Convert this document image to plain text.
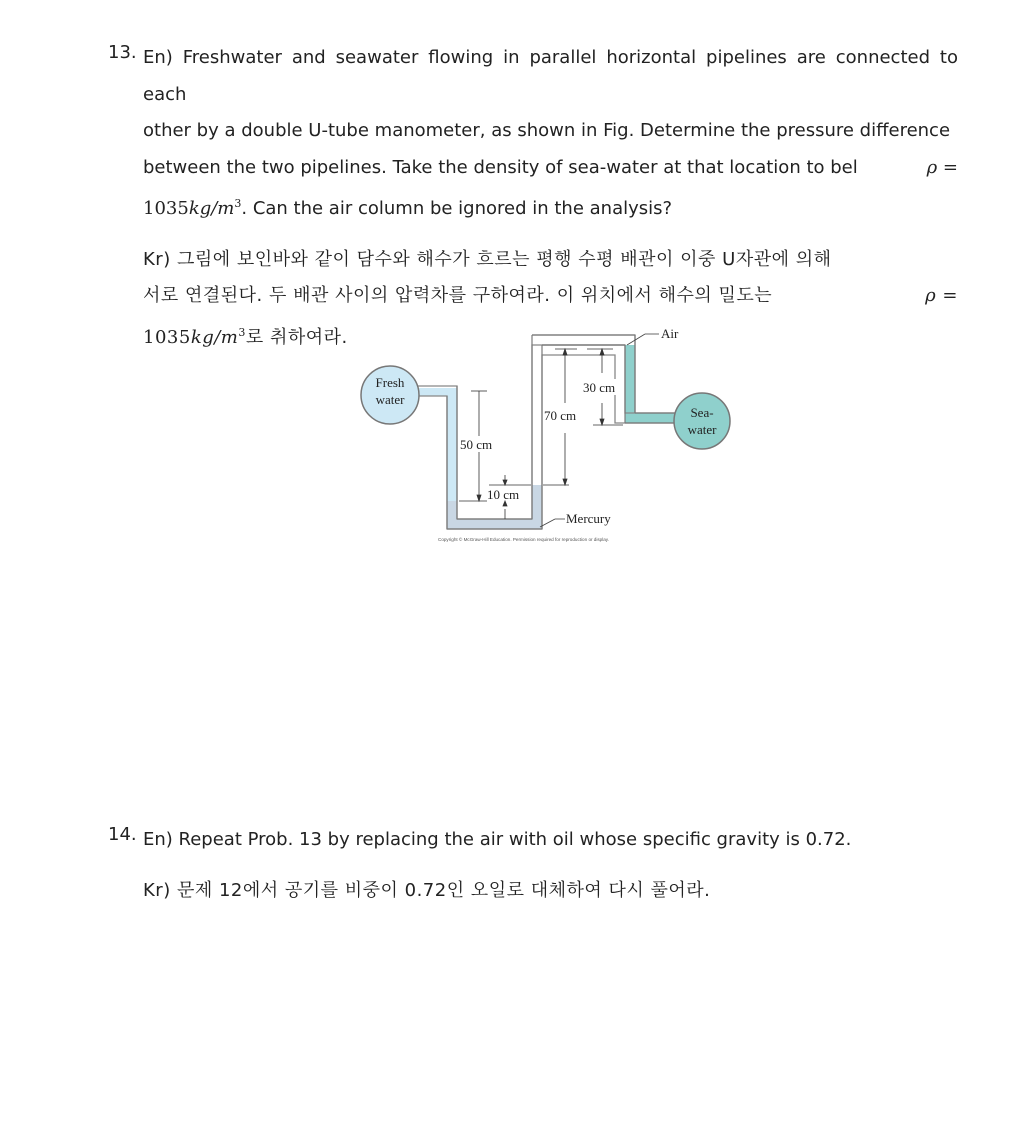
13. En) Freshwater and seawater flowing in parallel horizontal pipelines are connected to each
other by a double U-tube manometer, as shown in Fig. Determine the pressure difference
between the two pipelines. Take the density of sea-water at that location to bel	ρ =
$1035kg/m^3$. Can the air column be ignored in the analysis?
Kr) 그림에 보인바와 같이 담수와 해수가 흐르는 평행 수평 배관이 이중 U자관에 의해
서로 연결된다. 두 배관 사이의 압력차를 구하여라. 이 위치에서 해수의 밀도는	ρ =
$1035kg/m^3$로 취하여라.
Fresh
water
Sea-
water
Air
Mercury
50 cm
10 cm
70 cm
30 cm
Copyright © McGraw-Hill Education. Permission required for reproduction or display.
14. En) Repeat Prob. 13 by replacing the air with oil whose specific gravity is 0.72.
Kr) 문제 12에서 공기를 비중이 0.72인 오일로 대체하여 다시 풀어라.
